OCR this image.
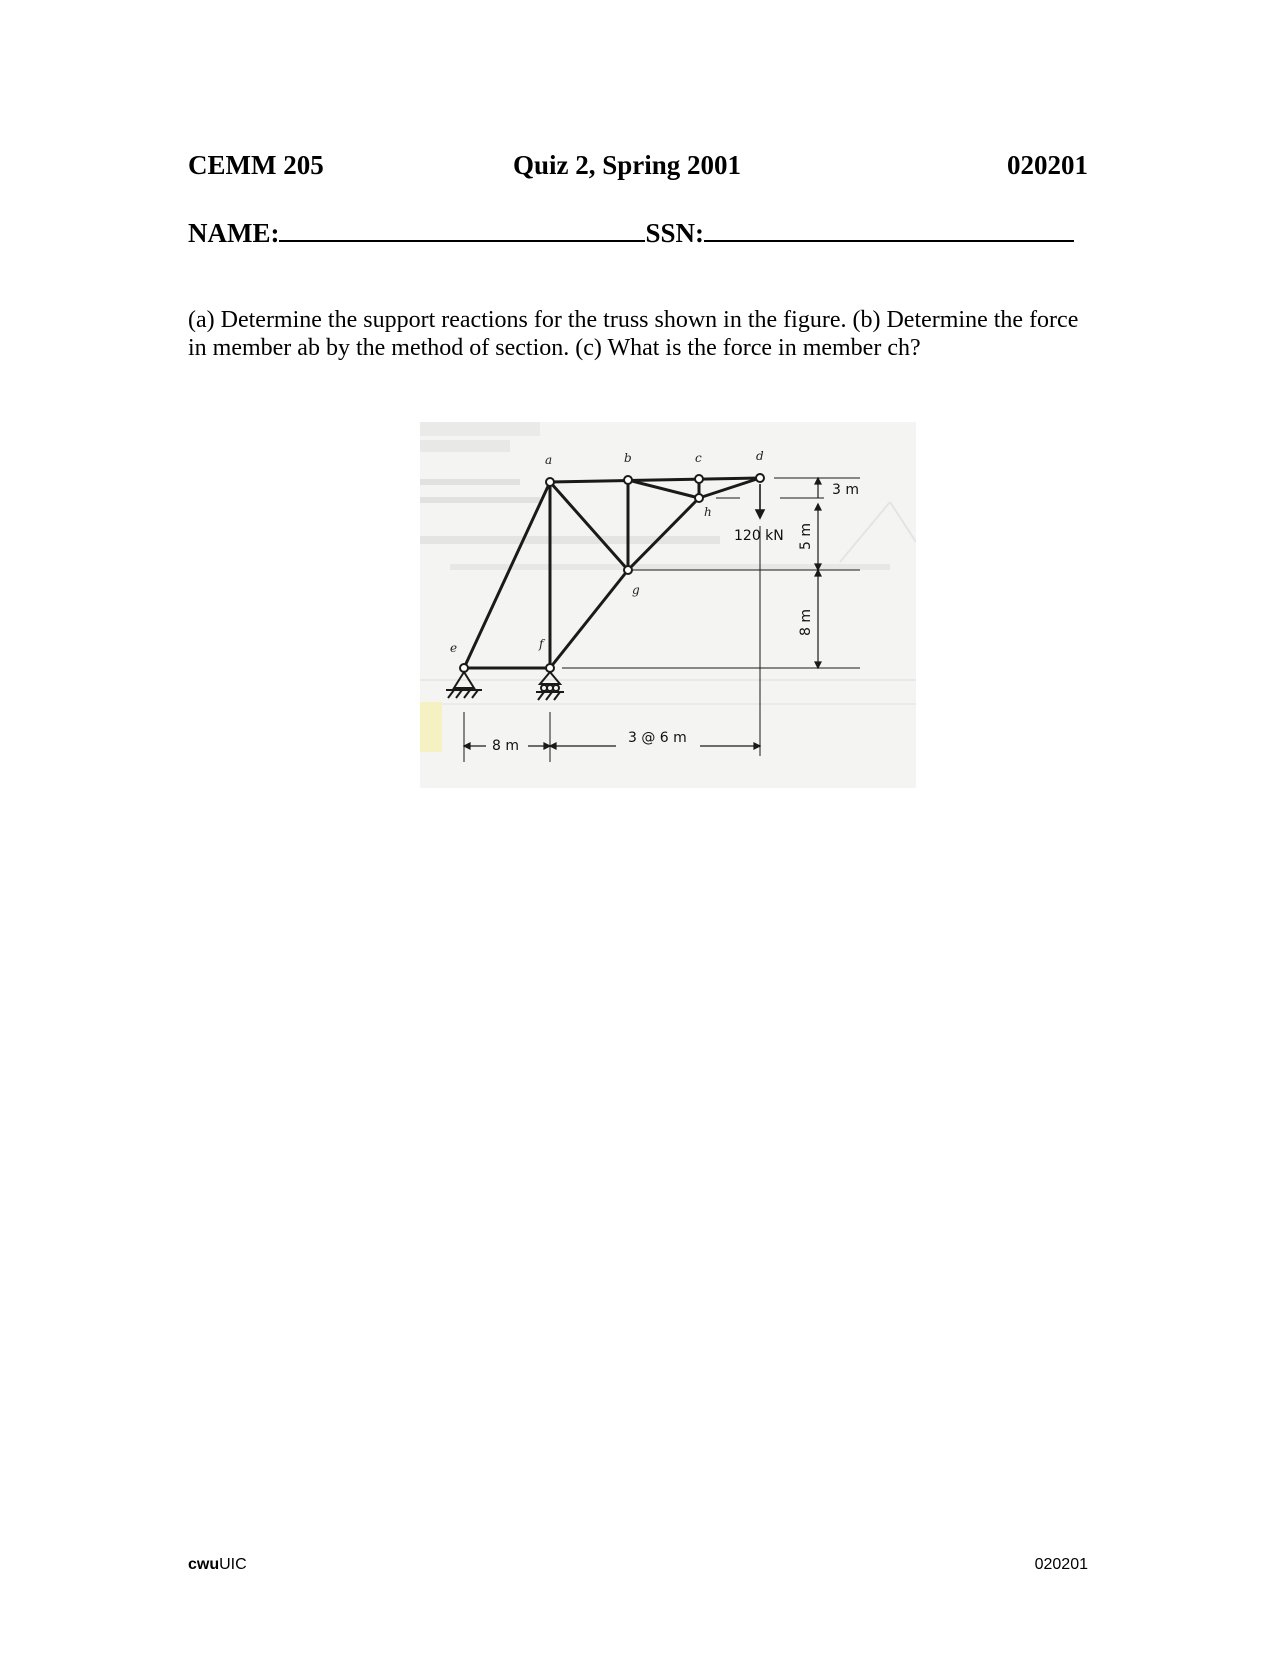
CEMM 205	Quiz 2, Spring 2001	020201
NAME:	SSN:
(a) Determine the support reactions for the truss shown in the figure. (b) Determine the force in member ab by the method of section. (c) What is the force in member ch?
a	b	c	d
e	f
g
h
120 kN
3 m
5 m
8 m
8 m	3 @ 6 m
cwuUIC	020201
